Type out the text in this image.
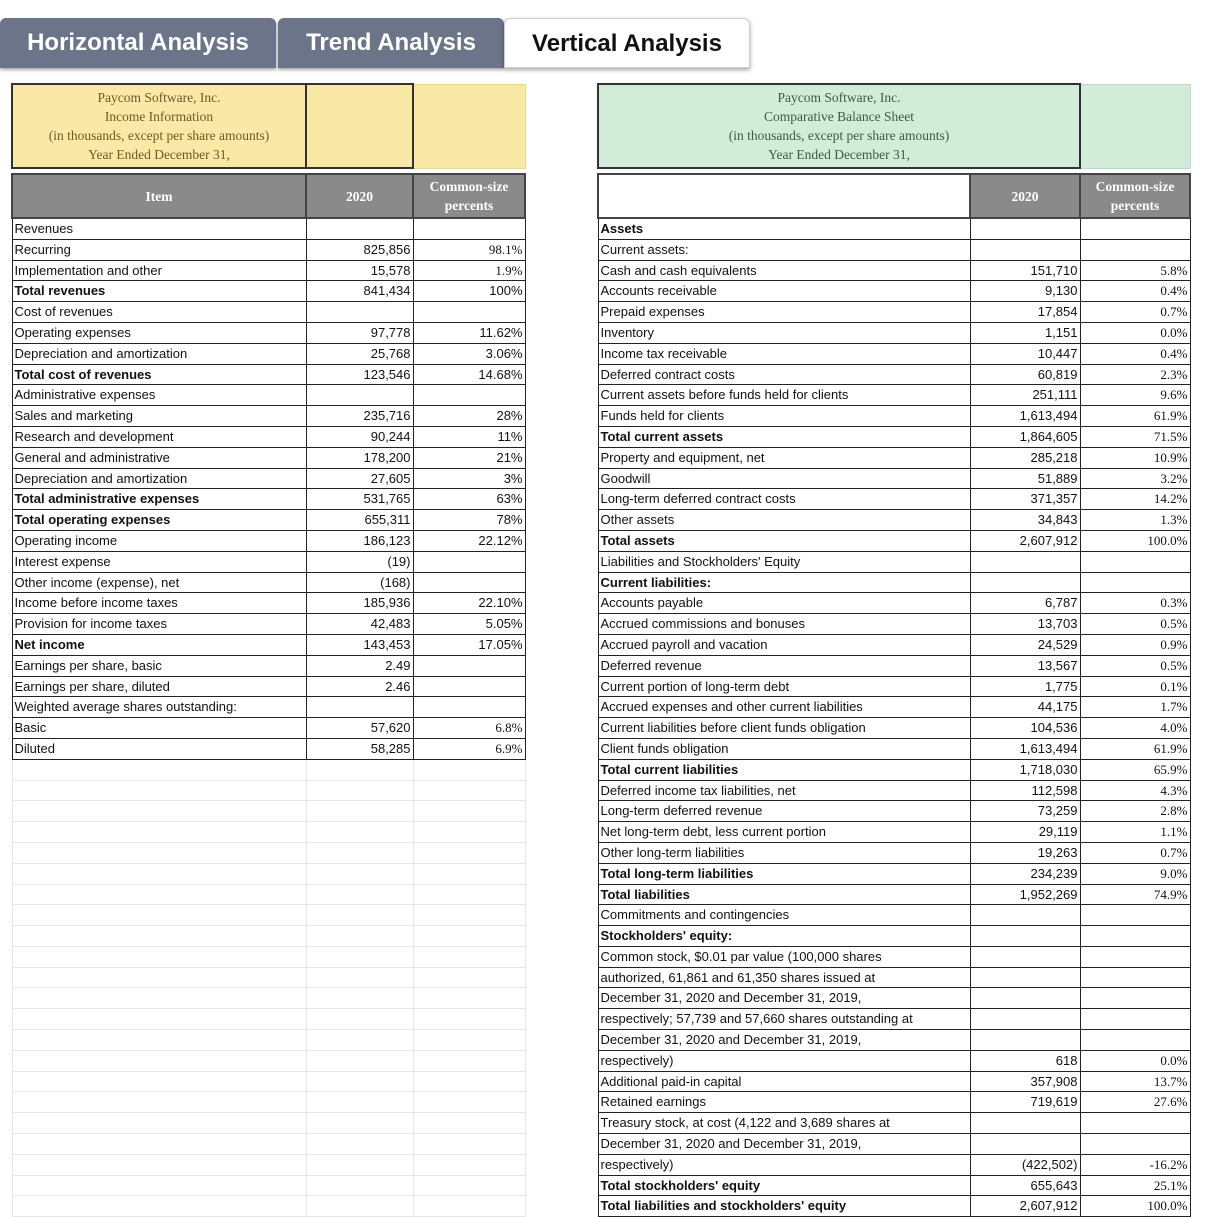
Horizontal Analysis	Trend Analysis	Vertical Analysis
Paycom Software, Inc.
Income Information
(in thousands, except per share amounts)
Year Ended December 31,		

Item	2020	Common-size
percents
Revenues		
Recurring	825,856	98.1%
Implementation and other	15,578	1.9%
Total revenues	841,434	100%
Cost of revenues		
Operating expenses	97,778	11.62%
Depreciation and amortization	25,768	3.06%
Total cost of revenues	123,546	14.68%
Administrative expenses		
Sales and marketing	235,716	28%
Research and development	90,244	11%
General and administrative	178,200	21%
Depreciation and amortization	27,605	3%
Total administrative expenses	531,765	63%
Total operating expenses	655,311	78%
Operating income	186,123	22.12%
Interest expense	(19)	
Other income (expense), net	(168)	
Income before income taxes	185,936	22.10%
Provision for income taxes	42,483	5.05%
Net income	143,453	17.05%
Earnings per share, basic	2.49	
Earnings per share, diluted	2.46	
Weighted average shares outstanding:		
Basic	57,620	6.8%
Diluted	58,285	6.9%

Paycom Software, Inc.
Comparative Balance Sheet
(in thousands, except per share amounts)
Year Ended December 31,		

	2020	Common-size
percents
Assets		
Current assets:		
Cash and cash equivalents	151,710	5.8%
Accounts receivable	9,130	0.4%
Prepaid expenses	17,854	0.7%
Inventory	1,151	0.0%
Income tax receivable	10,447	0.4%
Deferred contract costs	60,819	2.3%
Current assets before funds held for clients	251,111	9.6%
Funds held for clients	1,613,494	61.9%
Total current assets	1,864,605	71.5%
Property and equipment, net	285,218	10.9%
Goodwill	51,889	3.2%
Long-term deferred contract costs	371,357	14.2%
Other assets	34,843	1.3%
Total assets	2,607,912	100.0%
Liabilities and Stockholders' Equity		
Current liabilities:		
Accounts payable	6,787	0.3%
Accrued commissions and bonuses	13,703	0.5%
Accrued payroll and vacation	24,529	0.9%
Deferred revenue	13,567	0.5%
Current portion of long-term debt	1,775	0.1%
Accrued expenses and other current liabilities	44,175	1.7%
Current liabilities before client funds obligation	104,536	4.0%
Client funds obligation	1,613,494	61.9%
Total current liabilities	1,718,030	65.9%
Deferred income tax liabilities, net	112,598	4.3%
Long-term deferred revenue	73,259	2.8%
Net long-term debt, less current portion	29,119	1.1%
Other long-term liabilities	19,263	0.7%
Total long-term liabilities	234,239	9.0%
Total liabilities	1,952,269	74.9%
Commitments and contingencies		
Stockholders' equity:		
Common stock, $0.01 par value (100,000 shares		
authorized, 61,861 and 61,350 shares issued at		
December 31, 2020 and December 31, 2019,		
respectively; 57,739 and 57,660 shares outstanding at		
December 31, 2020 and December 31, 2019,		
respectively)	618	0.0%
Additional paid-in capital	357,908	13.7%
Retained earnings	719,619	27.6%
Treasury stock, at cost (4,122 and 3,689 shares at		
December 31, 2020 and December 31, 2019,		
respectively)	(422,502)	-16.2%
Total stockholders' equity	655,643	25.1%
Total liabilities and stockholders' equity	2,607,912	100.0%
